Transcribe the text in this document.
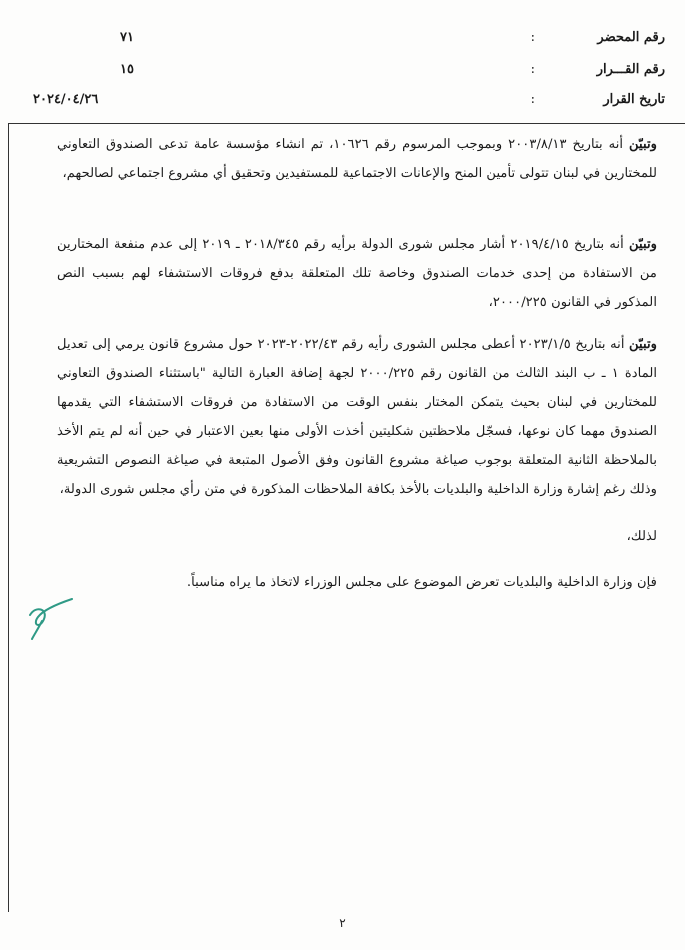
رقم المحضر
:
٧١
رقم القـــرار
:
١٥
تاريخ القرار
:
٢٠٢٤/٠٤/٢٦
وتبيّن أنه بتاريخ ٢٠٠٣/٨/١٣ وبموجب المرسوم رقم ١٠٦٢٦، تم انشاء مؤسسة عامة تدعى الصندوق التعاوني للمختارين في لبنان تتولى تأمين المنح والإعانات الاجتماعية للمستفيدين وتحقيق أي مشروع اجتماعي لصالحهم،
وتبيّن أنه بتاريخ ٢٠١٩/٤/١٥ أشار مجلس شورى الدولة برأيه رقم ٢٠١٨/٣٤٥ ـ ٢٠١٩ إلى عدم منفعة المختارين من الاستفادة من إحدى خدمات الصندوق وخاصة تلك المتعلقة بدفع فروقات الاستشفاء لهم بسبب النص المذكور في القانون ٢٠٠٠/٢٢٥،
وتبيّن أنه بتاريخ ٢٠٢٣/١/٥ أعطى مجلس الشورى رأيه رقم ٢٠٢٢/٤٣-٢٠٢٣ حول مشروع قانون يرمي إلى تعديل المادة ١ ـ ب البند الثالث من القانون رقم ٢٠٠٠/٢٢٥ لجهة إضافة العبارة التالية "باستثناء الصندوق التعاوني للمختارين في لبنان بحيث يتمكن المختار بنفس الوقت من الاستفادة من فروقات الاستشفاء التي يقدمها الصندوق مهما كان نوعها، فسجّل ملاحظتين شكليتين أخذت الأولى منها بعين الاعتبار في حين أنه لم يتم الأخذ بالملاحظة الثانية المتعلقة بوجوب صياغة مشروع القانون وفق الأصول المتبعة في صياغة النصوص التشريعية وذلك رغم إشارة وزارة الداخلية والبلديات بالأخذ بكافة الملاحظات المذكورة في متن رأي مجلس شورى الدولة،
لذلك،
فإن وزارة الداخلية والبلديات تعرض الموضوع على مجلس الوزراء لاتخاذ ما يراه مناسباً.
٢
